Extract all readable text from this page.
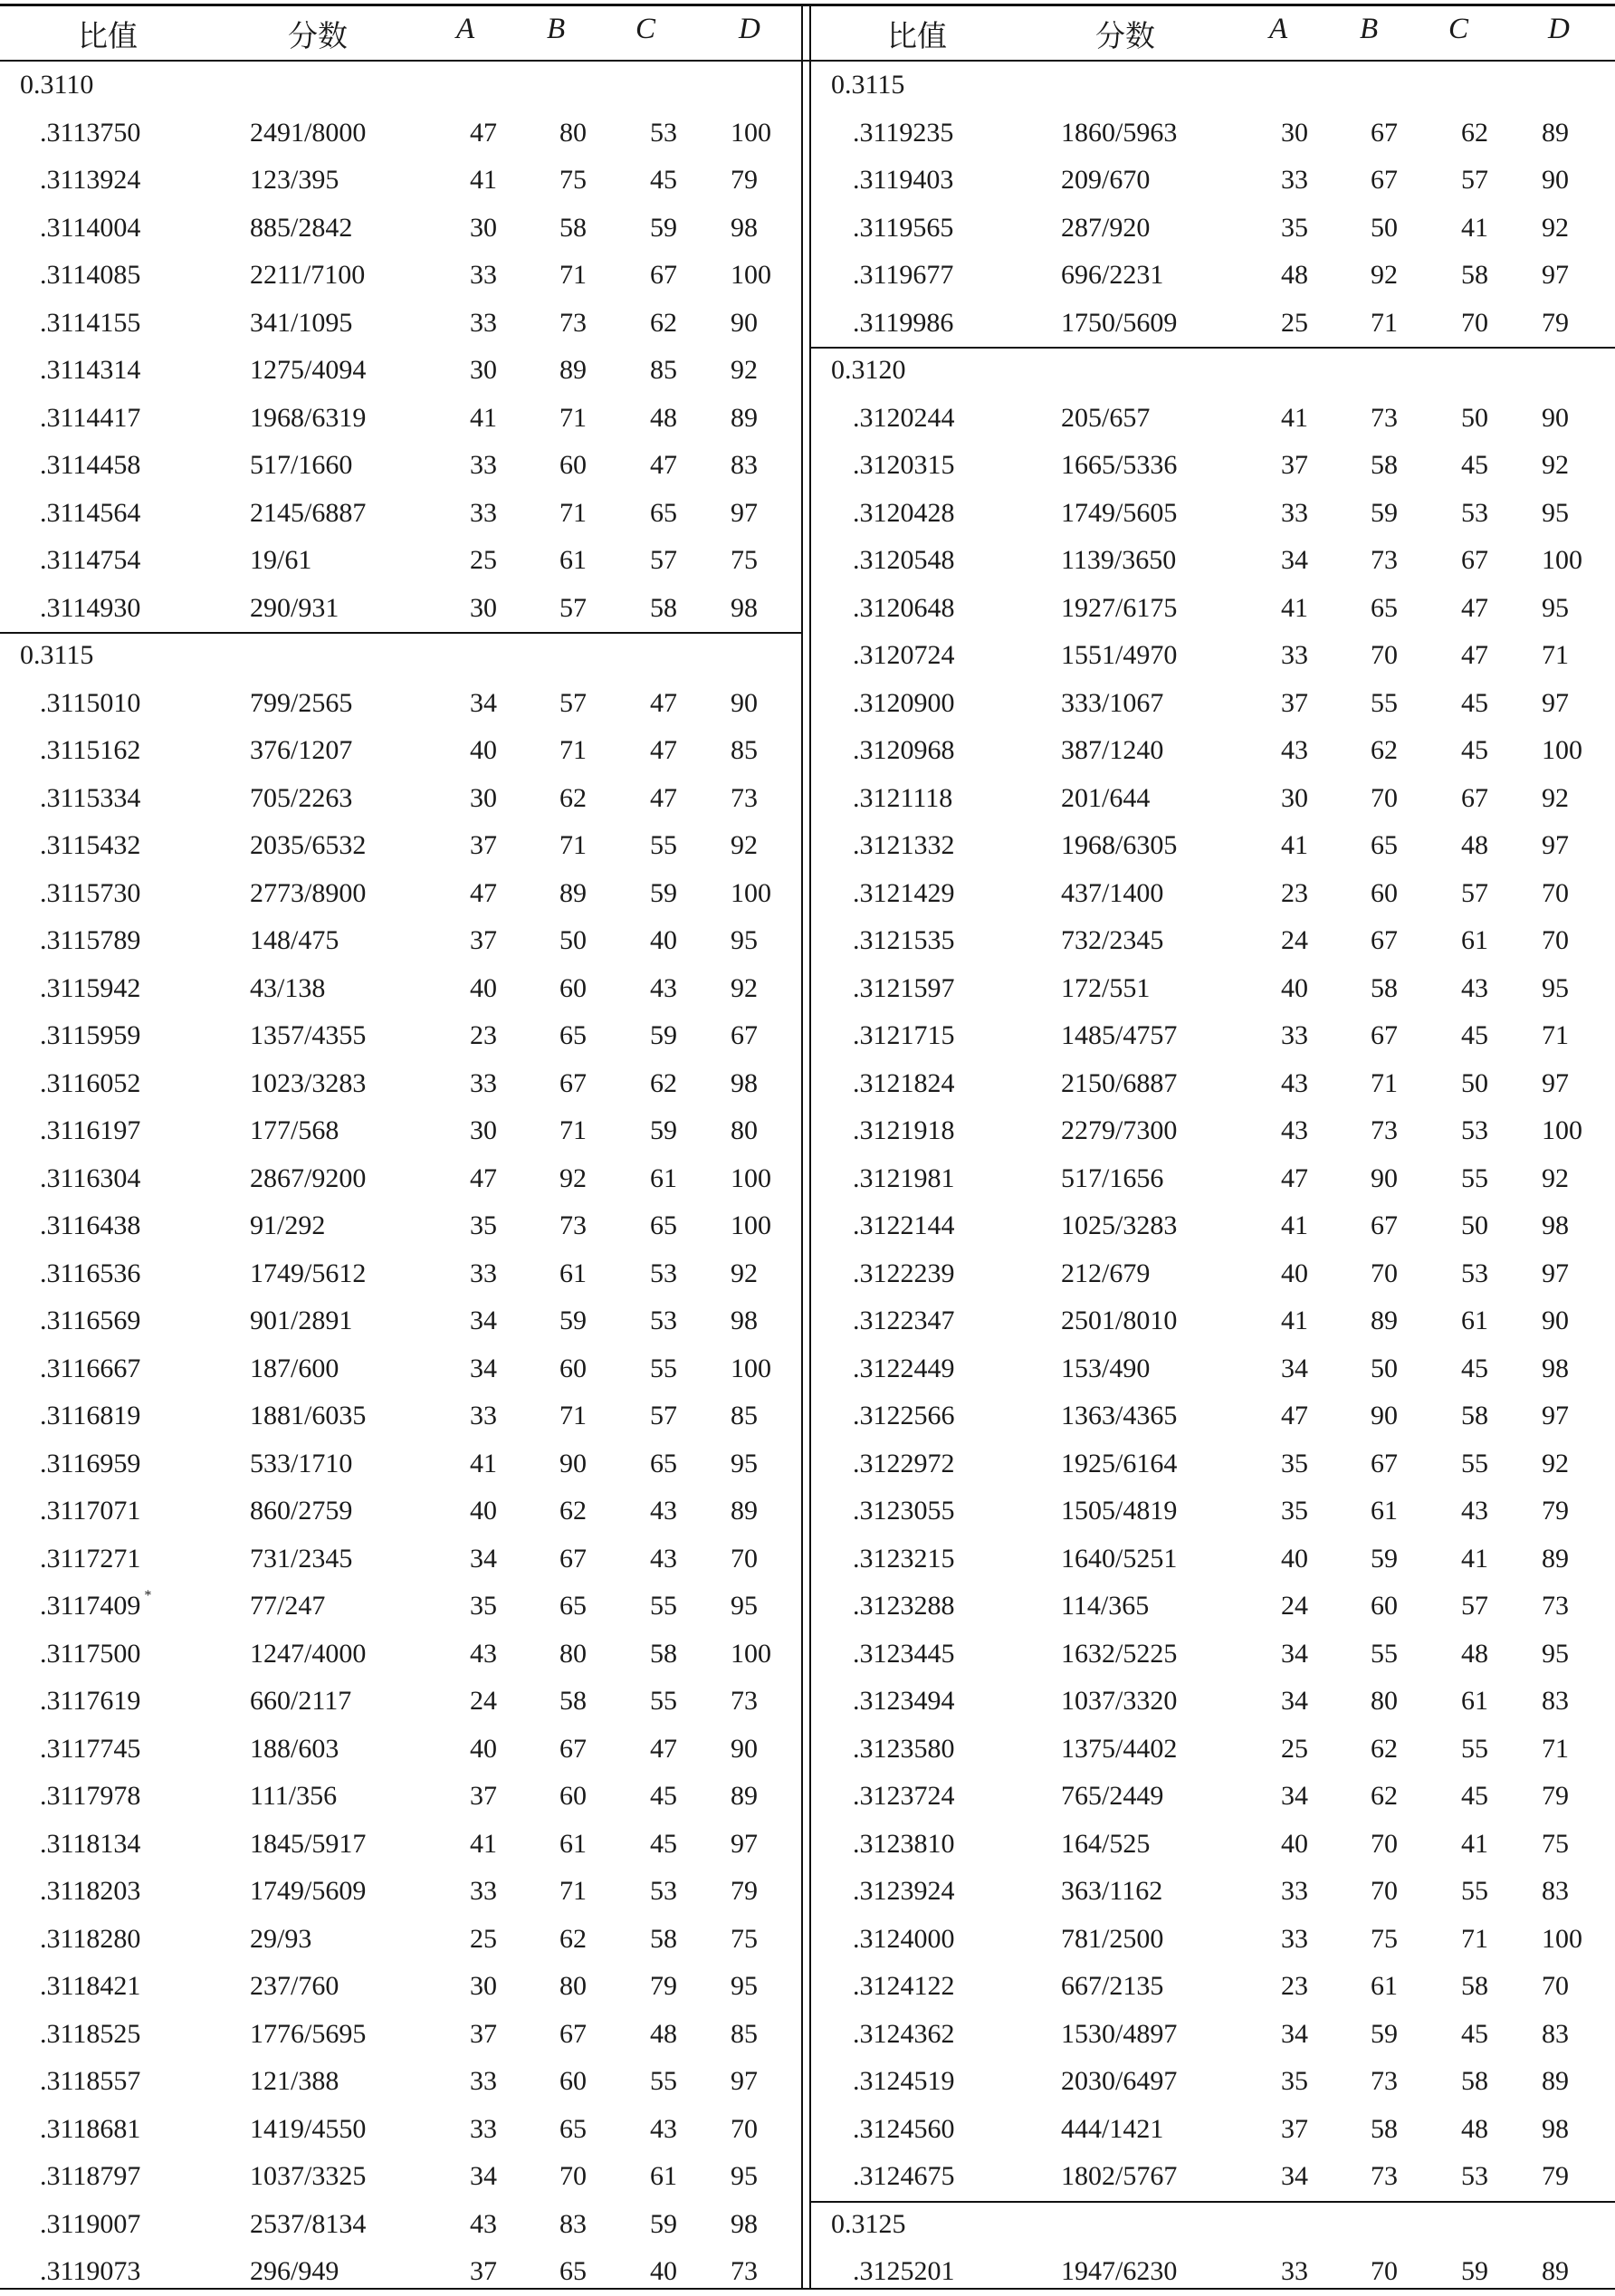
比值	分数	A B C	D	比值	分数	A B C	D
0.3110
.3113750	2491/8000	47 80 53 100
.3113924	123/395	41 75 45 79
.3114004	885/2842	30 58 59 98
.3114085	2211/7100	33 71 67 100
.3114155	341/1095	33 73 62 90
.3114314	1275/4094	30 89 85 92
.3114417	1968/6319	41 71 48 89
.3114458	517/1660	33 60 47 83
.3114564	2145/6887	33 71 65 97
.3114754	19/61	25 61 57 75
.3114930	290/931	30 57 58 98
0.3115
.3115010	799/2565	34 57 47 90
.3115162	376/1207	40 71 47 85
.3115334	705/2263	30 62 47 73
.3115432	2035/6532	37 71 55 92
.3115730	2773/8900	47 89 59 100
.3115789	148/475	37 50 40 95
.3115942	43/138	40 60 43 92
.3115959	1357/4355	23 65 59 67
.3116052	1023/3283	33 67 62 98
.3116197	177/568	30 71 59 80
.3116304	2867/9200	47 92 61 100
.3116438	91/292	35 73 65 100
.3116536	1749/5612	33 61 53 92
.3116569	901/2891	34 59 53 98
.3116667	187/600	34 60 55 100
.3116819	1881/6035	33 71 57 85
.3116959	533/1710	41 90 65 95
.3117071	860/2759	40 62 43 89
.3117271	731/2345	34 67 43 70
.3117409 *	77/247	35 65 55 95
.3117500	1247/4000	43 80 58 100
.3117619	660/2117	24 58 55 73
.3117745	188/603	40 67 47 90
.3117978	111/356	37 60 45 89
.3118134	1845/5917	41 61 45 97
.3118203	1749/5609	33 71 53 79
.3118280	29/93	25 62 58 75
.3118421	237/760	30 80 79 95
.3118525	1776/5695	37 67 48 85
.3118557	121/388	33 60 55 97
.3118681	1419/4550	33 65 43 70
.3118797	1037/3325	34 70 61 95
.3119007	2537/8134	43 83 59 98
.3119073	296/949	37 65 40 73
0.3115
.3119235	1860/5963	30 67 62 89
.3119403	209/670	33 67 57 90
.3119565	287/920	35 50 41 92
.3119677	696/2231	48 92 58 97
.3119986	1750/5609	25 71 70 79
0.3120
.3120244	205/657	41 73 50 90
.3120315	1665/5336	37 58 45 92
.3120428	1749/5605	33 59 53 95
.3120548	1139/3650	34 73 67 100
.3120648	1927/6175	41 65 47 95
.3120724	1551/4970	33 70 47 71
.3120900	333/1067	37 55 45 97
.3120968	387/1240	43 62 45 100
.3121118	201/644	30 70 67 92
.3121332	1968/6305	41 65 48 97
.3121429	437/1400	23 60 57 70
.3121535	732/2345	24 67 61 70
.3121597	172/551	40 58 43 95
.3121715	1485/4757	33 67 45 71
.3121824	2150/6887	43 71 50 97
.3121918	2279/7300	43 73 53 100
.3121981	517/1656	47 90 55 92
.3122144	1025/3283	41 67 50 98
.3122239	212/679	40 70 53 97
.3122347	2501/8010	41 89 61 90
.3122449	153/490	34 50 45 98
.3122566	1363/4365	47 90 58 97
.3122972	1925/6164	35 67 55 92
.3123055	1505/4819	35 61 43 79
.3123215	1640/5251	40 59 41 89
.3123288	114/365	24 60 57 73
.3123445	1632/5225	34 55 48 95
.3123494	1037/3320	34 80 61 83
.3123580	1375/4402	25 62 55 71
.3123724	765/2449	34 62 45 79
.3123810	164/525	40 70 41 75
.3123924	363/1162	33 70 55 83
.3124000	781/2500	33 75 71 100
.3124122	667/2135	23 61 58 70
.3124362	1530/4897	34 59 45 83
.3124519	2030/6497	35 73 58 89
.3124560	444/1421	37 58 48 98
.3124675	1802/5767	34 73 53 79
0.3125
.3125201	1947/6230	33 70 59 89
